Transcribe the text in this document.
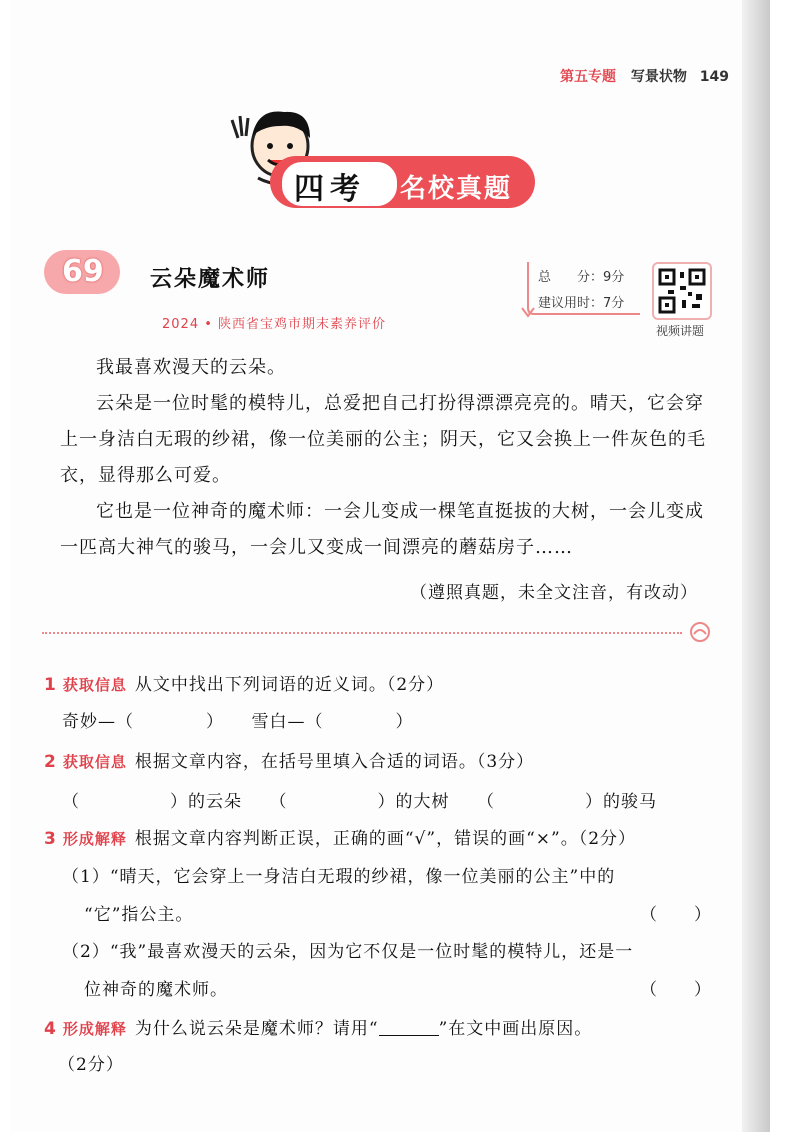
第五专题 写景状物 149
四考 名校真题
69 云朵魔术师
2024 • 陕西省宝鸡市期末素养评价
总　　分：9分
建议用时：7分
视频讲题

我最喜欢漫天的云朵。

云朵是一位时髦的模特儿，总爱把自己打扮得漂漂亮亮的。晴天，它会穿上一身洁白无瑕的纱裙，像一位美丽的公主；阴天，它又会换上一件灰色的毛衣，显得那么可爱。

它也是一位神奇的魔术师：一会儿变成一棵笔直挺拔的大树，一会儿变成一匹高大神气的骏马，一会儿又变成一间漂亮的蘑菇房子……

（遵照真题，未全文注音，有改动）
1 获取信息 从文中找出下列词语的近义词。（2分）
奇妙—（　　　　）　　雪白—（　　　　）
2 获取信息 根据文章内容，在括号里填入合适的词语。（3分）
（　　　　　）的云朵　　（　　　　　）的大树　　（　　　　　）的骏马
3 形成解释 根据文章内容判断正误，正确的画“√”，错误的画“×”。（2分）
（1）“晴天，它会穿上一身洁白无瑕的纱裙，像一位美丽的公主”中的
“它”指公主。	（　　）
（2）“我”最喜欢漫天的云朵，因为它不仅是一位时髦的模特儿，还是一
位神奇的魔术师。	（　　）
4 形成解释 为什么说云朵是魔术师？请用“	”在文中画出原因。
（2分）
